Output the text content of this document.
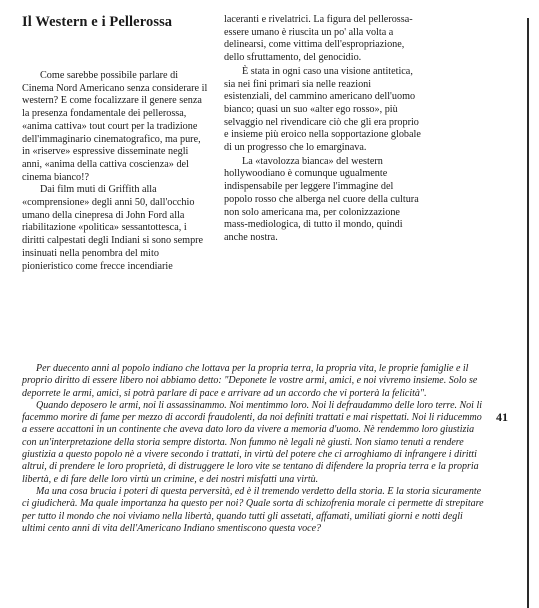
Il Western e i Pellerossa

Come sarebbe possibile parlare di Cinema Nord Americano senza considerare il western? E come focalizzare il genere senza la presenza fondamentale dei pellerossa, «anima cattiva» tout court per la tradizione dell'immaginario cinematografico, ma pure, in «riserve» espressive disseminate negli anni, «anima della cattiva coscienza» del cinema bianco!?

Dai film muti di Griffith alla «comprensione» degli anni 50, dall'occhio umano della cinepresa di John Ford alla riabilitazione «politica» sessantottesca, i diritti calpestati degli Indiani si sono sempre insinuati nella penombra del mito pionieristico come frecce incendiarie

laceranti e rivelatrici. La figura del pellerossa-essere umano è riuscita un po' alla volta a delinearsi, come vittima dell'espropriazione, dello sfruttamento, del genocidio.

È stata in ogni caso una visione antitetica, sia nei fini primari sia nelle reazioni esistenziali, del cammino americano dell'uomo bianco; quasi un suo «alter ego rosso», più selvaggio nel rivendicare ciò che gli era proprio e insieme più eroico nella sopportazione globale di un progresso che lo emarginava.

La «tavolozza bianca» del western hollywoodiano è comunque ugualmente indispensabile per leggere l'immagine del popolo rosso che alberga nel cuore della cultura non solo americana ma, per colonizzazione mass-mediologica, di tutto il mondo, quindi anche nostra.

41

Per duecento anni al popolo indiano che lottava per la propria terra, la propria vita, le proprie famiglie e il proprio diritto di essere libero noi abbiamo detto: "Deponete le vostre armi, amici, e noi vivremo insieme. Solo se deporrete le armi, amici, si potrà parlare di pace e arrivare ad un accordo che vi porterà la felicità".

Quando deposero le armi, noi li assassinammo. Noi mentimmo loro. Noi li defraudammo delle loro terre. Noi li facemmo morire di fame per mezzo di accordi fraudolenti, da noi definiti trattati e mai rispettati. Noi li riducemmo a essere accattoni in un continente che aveva dato loro da vivere a memoria d'uomo. Nè rendemmo loro giustizia con un'interpretazione della storia sempre distorta. Non fummo nè legali nè giusti. Non siamo tenuti a rendere giustizia a questo popolo nè a vivere secondo i trattati, in virtù del potere che ci arroghiamo di infrangere i diritti altrui, di prendere le loro proprietà, di distruggere le loro vite se tentano di difendere la propria terra e la propria libertà, e di fare delle loro virtù un crimine, e dei nostri misfatti una virtù.

Ma una cosa brucia i poteri di questa perversità, ed è il tremendo verdetto della storia. E la storia sicuramente ci giudicherà. Ma quale importanza ha questo per noi? Quale sorta di schizofrenia morale ci permette di strepitare per tutto il mondo che noi viviamo nella libertà, quando tutti gli assetati, affamati, umiliati giorni e notti degli ultimi cento anni di vita dell'Americano Indiano smentiscono questa voce?
